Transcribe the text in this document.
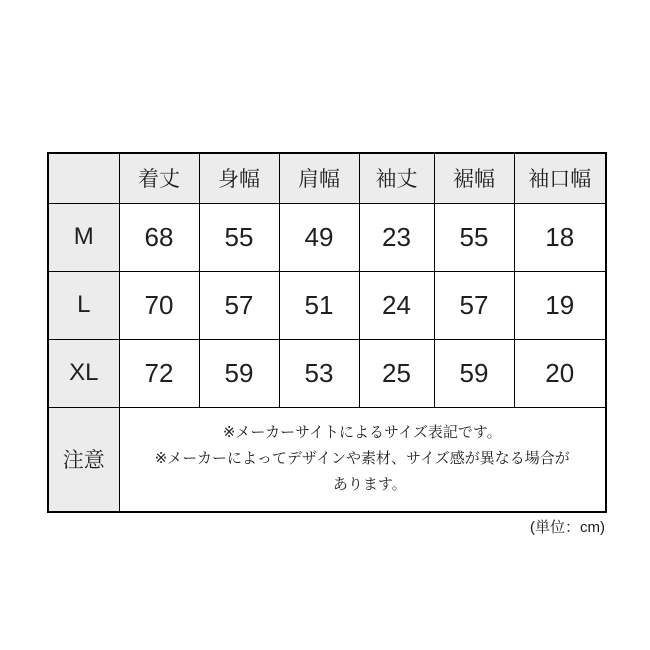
	着丈	身幅	肩幅	袖丈	裾幅	袖口幅
M	68	55	49	23	55	18
L	70	57	51	24	57	19
XL	72	59	53	25	59	20
注意	※メーカーサイトによるサイズ表記です。
※メーカーによってデザインや素材、サイズ感が異なる場合が
　あります。					
(単位：cm)
